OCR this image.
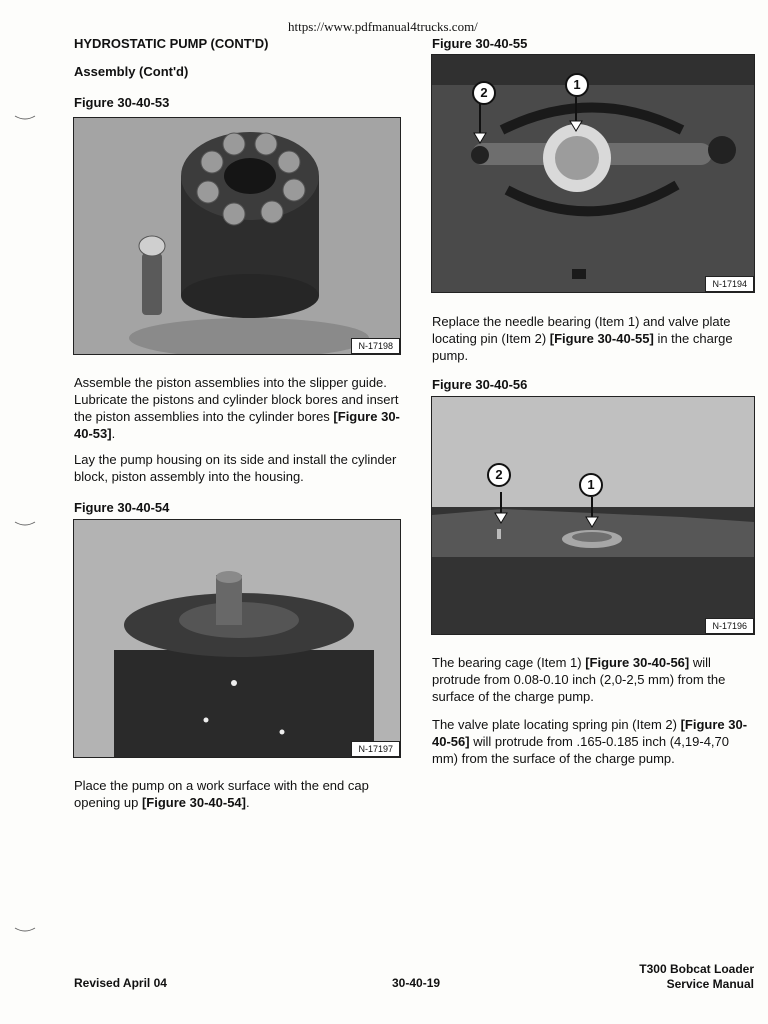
https://www.pdfmanual4trucks.com/
HYDROSTATIC PUMP (CONT'D)
Assembly (Cont'd)
Figure 30-40-53
N-17198
Assemble the piston assemblies into the slipper guide. Lubricate the pistons and cylinder block bores and insert the piston assemblies into the cylinder bores [Figure 30-40-53].
Lay the pump housing on its side and install the cylinder block, piston assembly into the housing.
Figure 30-40-54
N-17197
Place the pump on a work surface with the end cap opening up [Figure 30-40-54].
Figure 30-40-55
2
1
N-17194
Replace the needle bearing (Item 1) and valve plate locating pin (Item 2) [Figure 30-40-55] in the charge pump.
Figure 30-40-56
2
1
N-17196
The bearing cage (Item 1) [Figure 30-40-56] will protrude from 0.08-0.10 inch (2,0-2,5 mm) from the surface of the charge pump.
The valve plate locating spring pin (Item 2) [Figure 30-40-56] will protrude from .165-0.185 inch (4,19-4,70 mm) from the surface of the charge pump.
Revised April 04	30-40-19
T300 Bobcat Loader
Service Manual
